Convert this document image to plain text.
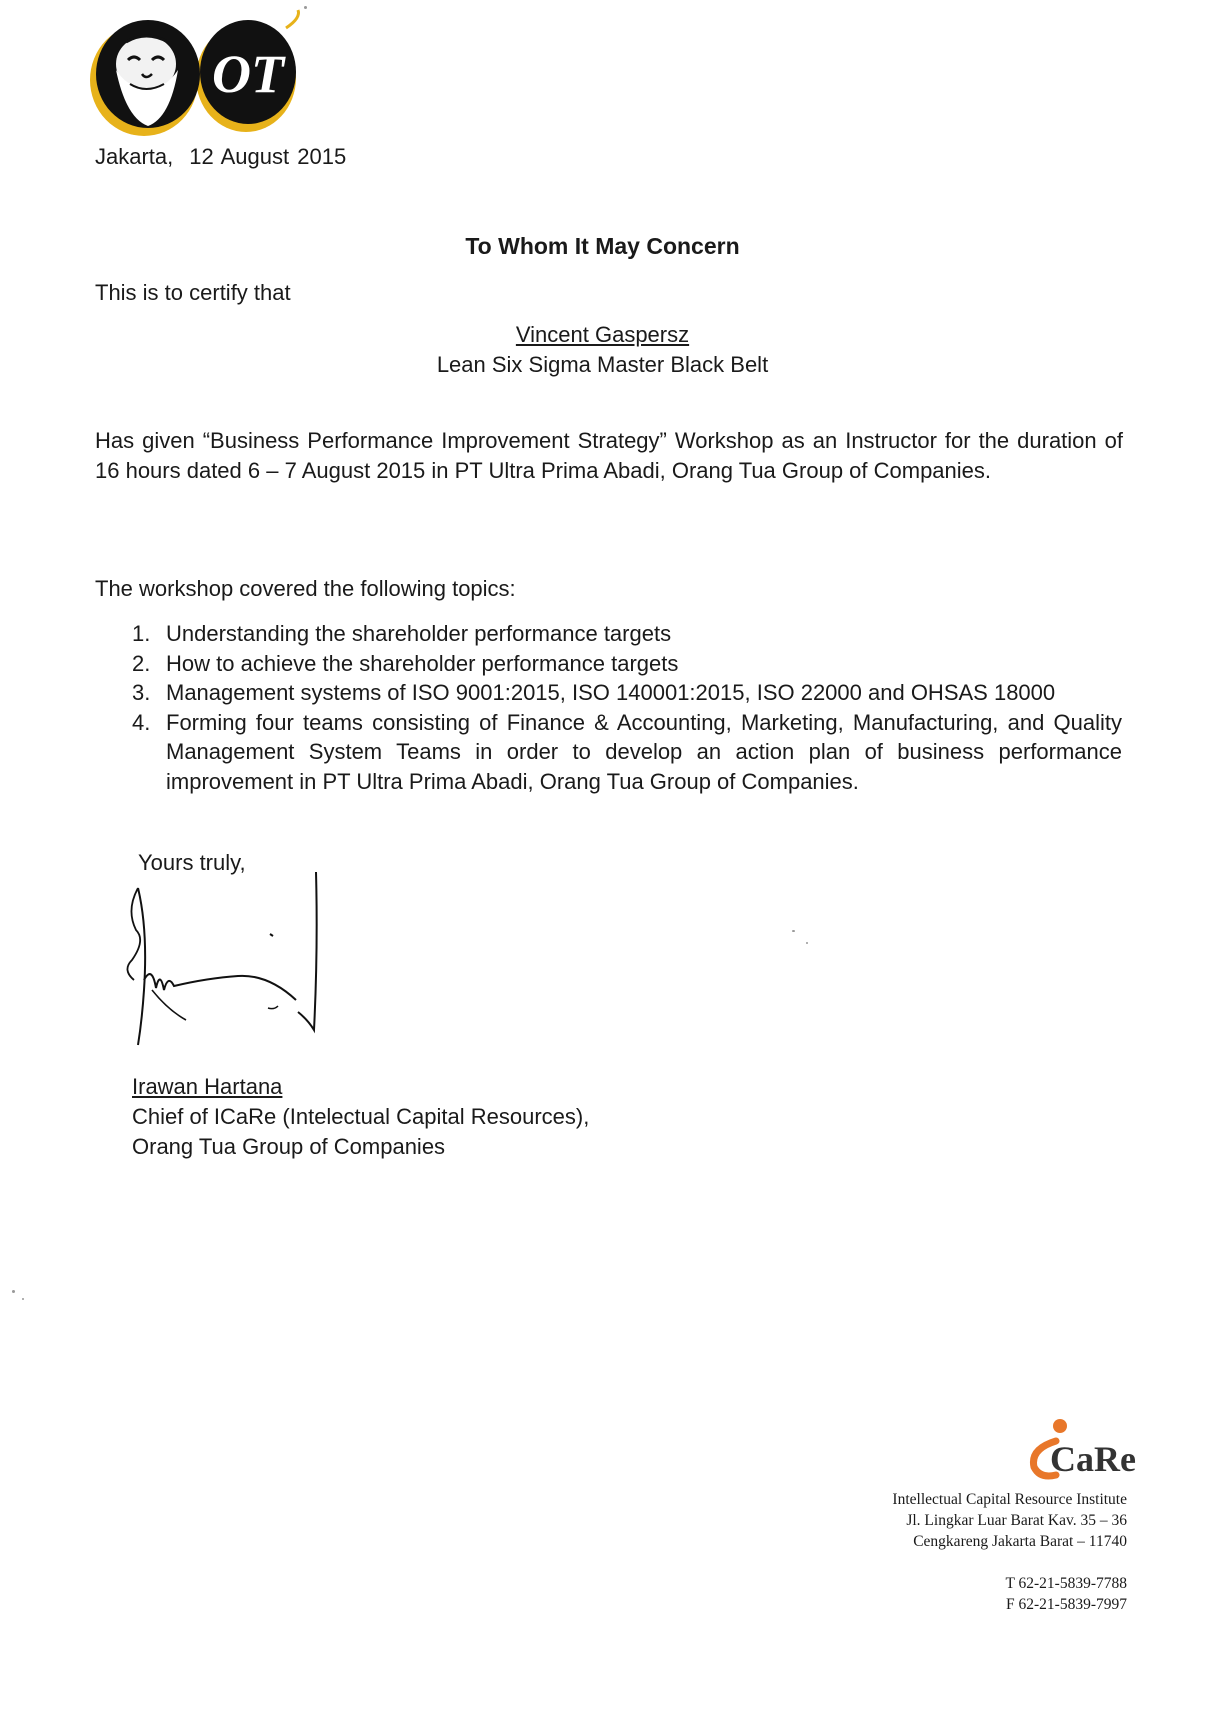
OT
Jakarta, 12 August 2015
To Whom It May Concern
This is to certify that
Vincent Gaspersz
Lean Six Sigma Master Black Belt
Has given “Business Performance Improvement Strategy” Workshop as an Instructor for the duration of 16 hours dated 6 – 7 August 2015 in PT Ultra Prima Abadi, Orang Tua Group of Companies.
The workshop covered the following topics:
1. Understanding the shareholder performance targets
2. How to achieve the shareholder performance targets
3. Management systems of ISO 9001:2015, ISO 140001:2015, ISO 22000 and OHSAS 18000
4. Forming four teams consisting of Finance & Accounting, Marketing, Manufacturing, and Quality Management System Teams in order to develop an action plan of business performance improvement in PT Ultra Prima Abadi, Orang Tua Group of Companies.
Yours truly,
Irawan Hartana
Chief of ICaRe (Intelectual Capital Resources),
Orang Tua Group of Companies
CaRe
Intellectual Capital Resource Institute
Jl. Lingkar Luar Barat Kav. 35 – 36
Cengkareng Jakarta Barat – 11740
T 62-21-5839-7788
F 62-21-5839-7997
